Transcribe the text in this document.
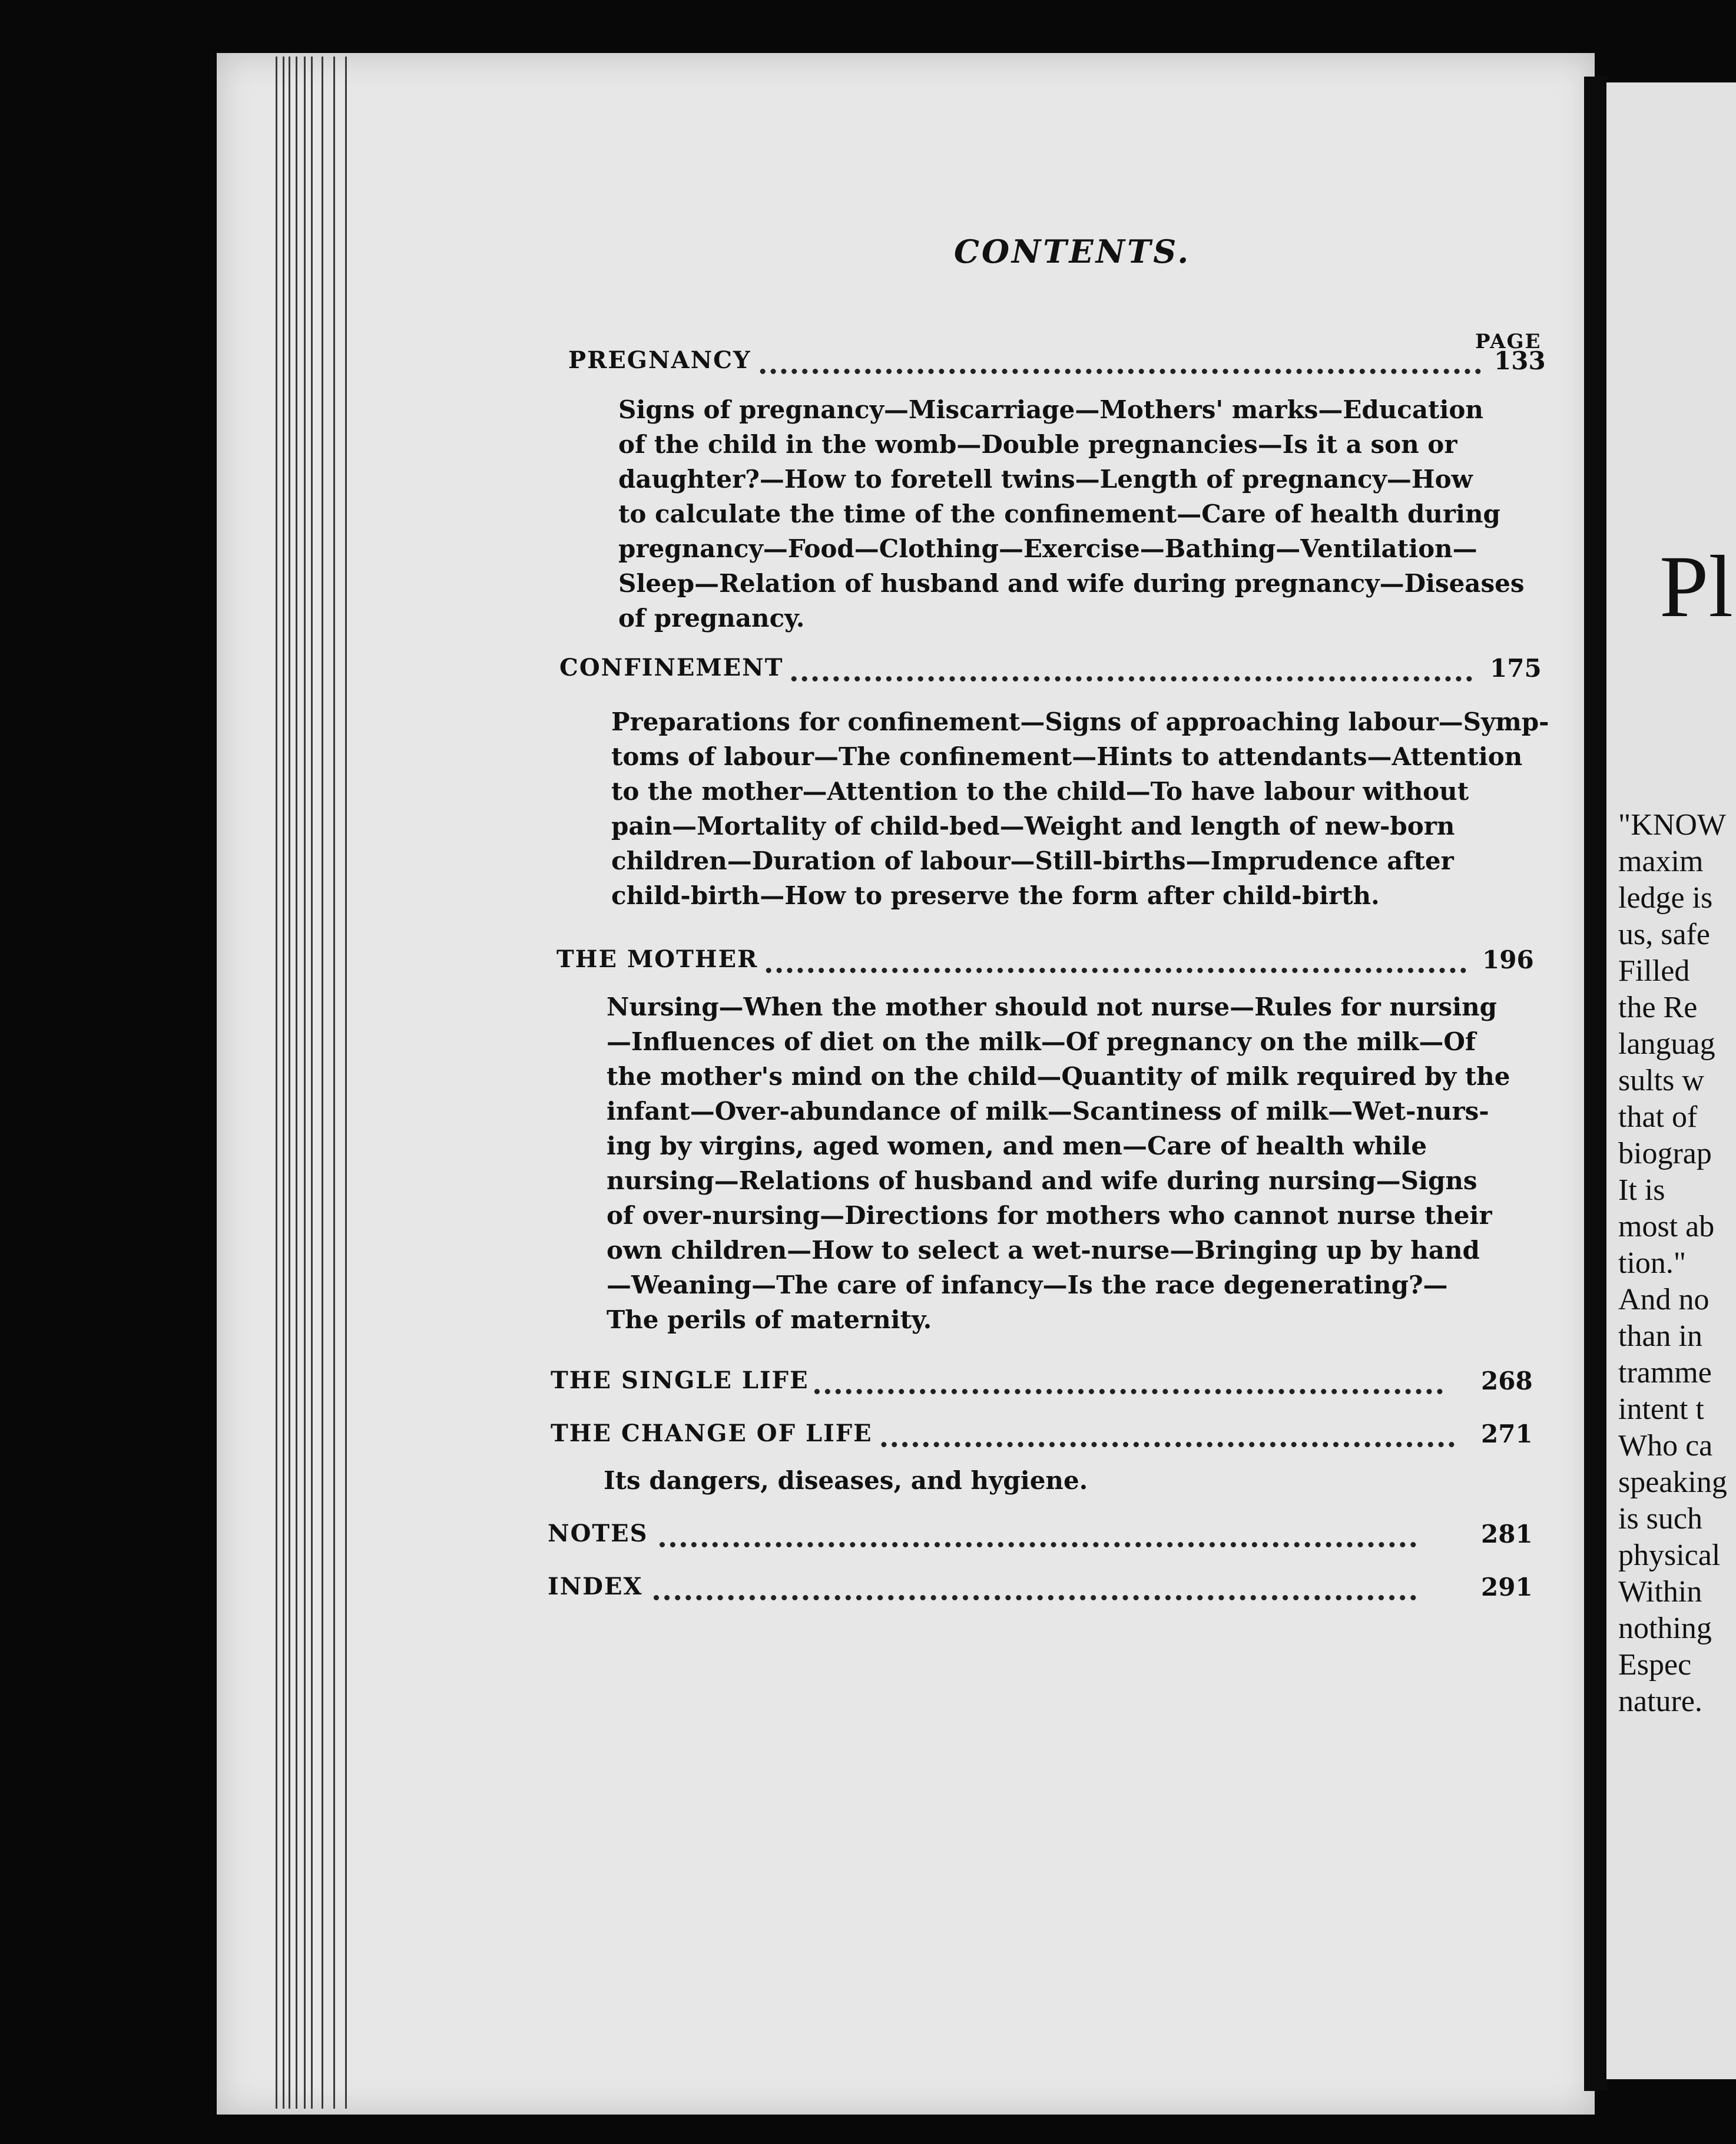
Pl
"KNOW
maxim
ledge is
us, safe
Filled
the Re
languag
sults w
that of
biograp
It is
most ab
tion."
And no
than in
tramme
intent t
Who ca
speaking
is such
physical
Within
nothing
Espec
nature.
CONTENTS.
PAGE
PREGNANCY	133
Signs of pregnancy—Miscarriage—Mothers' marks—Education
of the child in the womb—Double pregnancies—Is it a son or
daughter?—How to foretell twins—Length of pregnancy—How
to calculate the time of the confinement—Care of health during
pregnancy—Food—Clothing—Exercise—Bathing—Ventilation—
Sleep—Relation of husband and wife during pregnancy—Diseases
of pregnancy.
CONFINEMENT	175
Preparations for confinement—Signs of approaching labour—Symp-
toms of labour—The confinement—Hints to attendants—Attention
to the mother—Attention to the child—To have labour without
pain—Mortality of child-bed—Weight and length of new-born
children—Duration of labour—Still-births—Imprudence after
child-birth—How to preserve the form after child-birth.
THE MOTHER	196
Nursing—When the mother should not nurse—Rules for nursing
—Influences of diet on the milk—Of pregnancy on the milk—Of
the mother's mind on the child—Quantity of milk required by the
infant—Over-abundance of milk—Scantiness of milk—Wet-nurs-
ing by virgins, aged women, and men—Care of health while
nursing—Relations of husband and wife during nursing—Signs
of over-nursing—Directions for mothers who cannot nurse their
own children—How to select a wet-nurse—Bringing up by hand
—Weaning—The care of infancy—Is the race degenerating?—
The perils of maternity.
THE SINGLE LIFE	268
THE CHANGE OF LIFE	271
Its dangers, diseases, and hygiene.
NOTES	281
INDEX	291
